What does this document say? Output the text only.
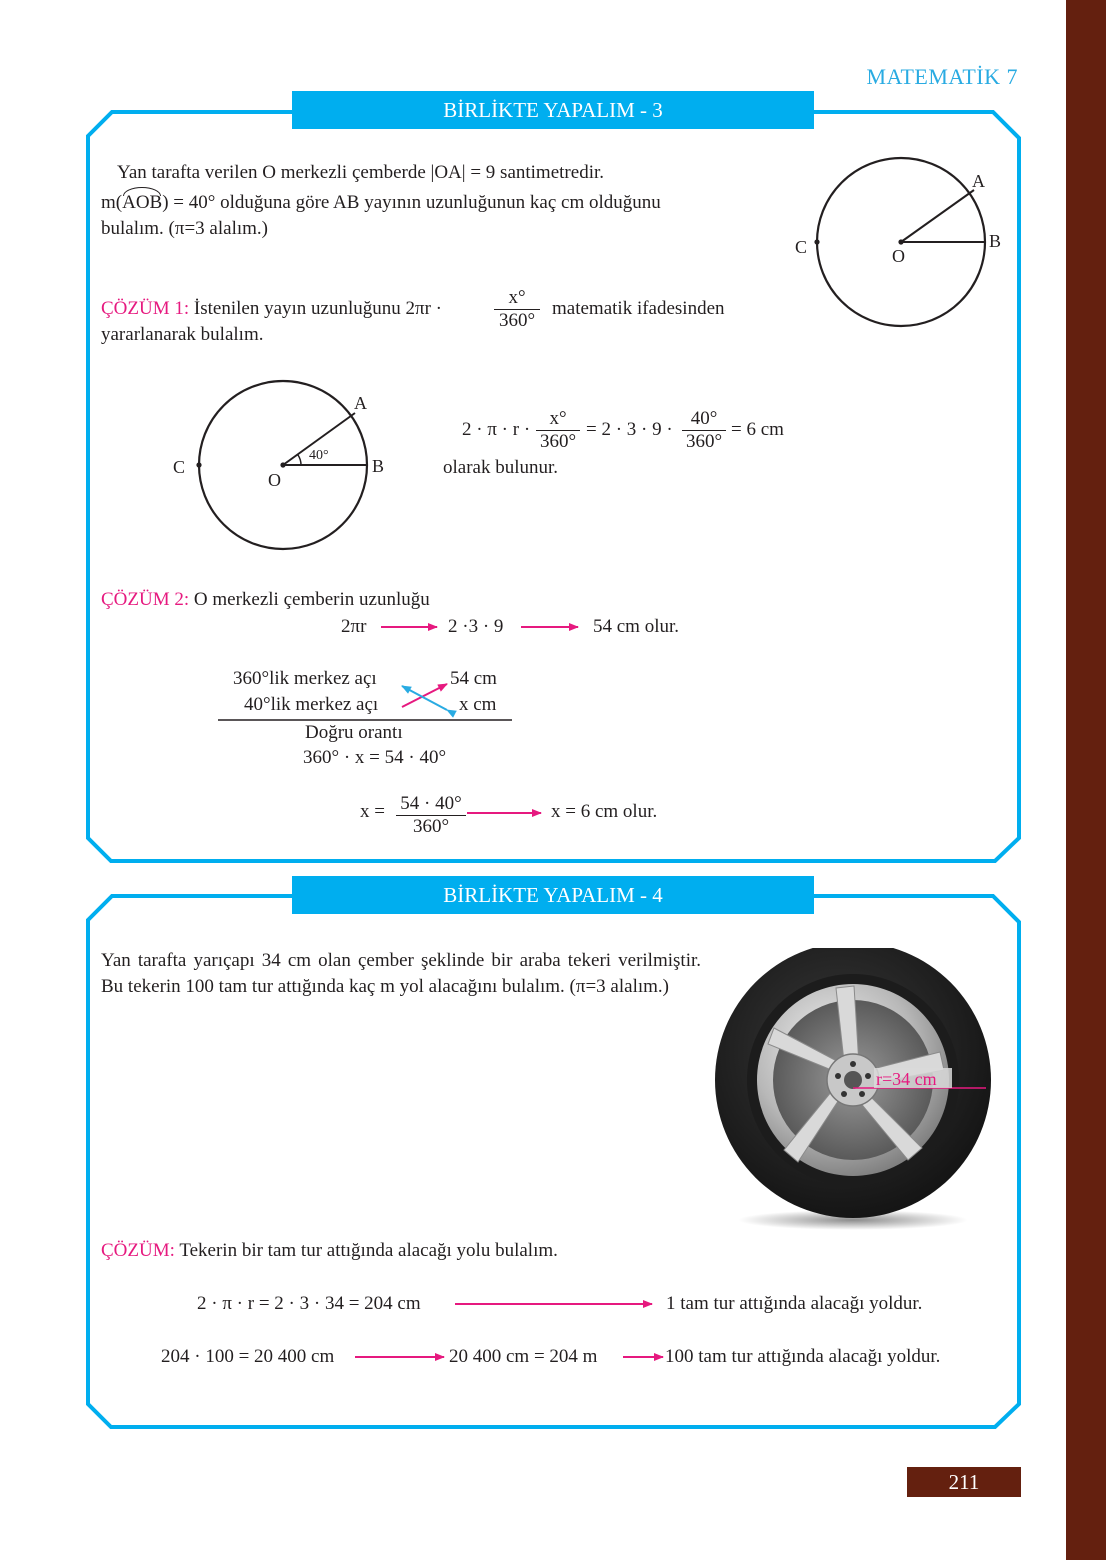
MATEMATİK 7
BİRLİKTE YAPALIM - 3
Yan tarafta verilen O merkezli çemberde |OA| = 9 santimetredir.
m(AOB) = 40° olduğuna göre AB yayının uzunluğunun kaç cm olduğunu
bulalım. (π=3 alalım.)
A
B
C	O
ÇÖZÜM 1: İstenilen yayın uzunluğunu 2πr ·	$\frac{x^\circ}{360^\circ}$ matematik ifadesinden
yararlanarak bulalım.
A
B
C
O
40°
$2 \cdot \pi \cdot r \cdot \frac{x^\circ}{360^\circ} = 2 \cdot 3 \cdot 9 \cdot \frac{40^\circ}{360^\circ} = 6$ cm
olarak bulunur.
ÇÖZÜM 2: O merkezli çemberin uzunluğu
2πr	2 ·3 · 9	54 cm olur.
360°lik merkez açı	54 cm
40°lik merkez açı	x cm
Doğru orantı
360° · x = 54 · 40°
$x = \frac{54 \cdot 40^\circ}{360^\circ}$	x = 6 cm olur.
BİRLİKTE YAPALIM - 4
Yan tarafta yarıçapı 34 cm olan çember şeklinde bir araba tekeri verilmiştir. Bu tekerin 100 tam tur attığında kaç m yol alacağını bulalım. (π=3 alalım.)
r=34 cm
ÇÖZÜM: Tekerin bir tam tur attığında alacağı yolu bulalım.
2 · π · r = 2 · 3 · 34 = 204 cm	1 tam tur attığında alacağı yoldur.
204 · 100 = 20 400 cm	20 400 cm = 204 m	100 tam tur attığında alacağı yoldur.
211
